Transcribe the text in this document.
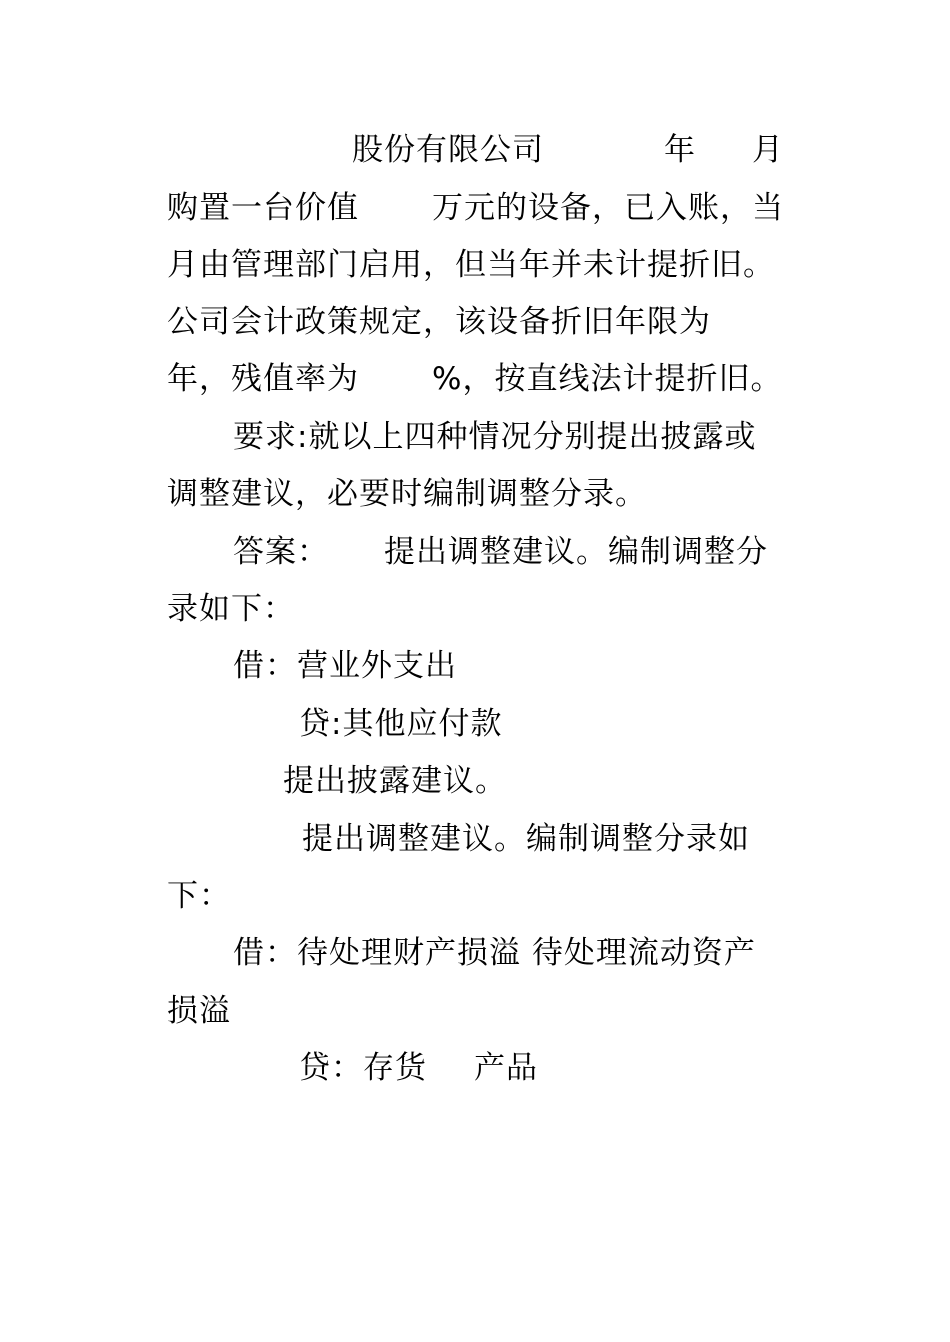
股份有限公司	年 月
购置一台价值 万元的设备，已入账，当
月由管理部门启用，但当年并未计提折旧。
公司会计政策规定，该设备折旧年限为
年，残值率为 %，按直线法计提折旧。
要求:就以上四种情况分别提出披露或
调整建议，必要时编制调整分录。
答案： 提出调整建议。编制调整分
录如下：
借：营业外支出
贷:其他应付款
提出披露建议。
提出调整建议。编制调整分录如
下：
借：待处理财产损溢 待处理流动资产
损溢
贷：存货 产品
